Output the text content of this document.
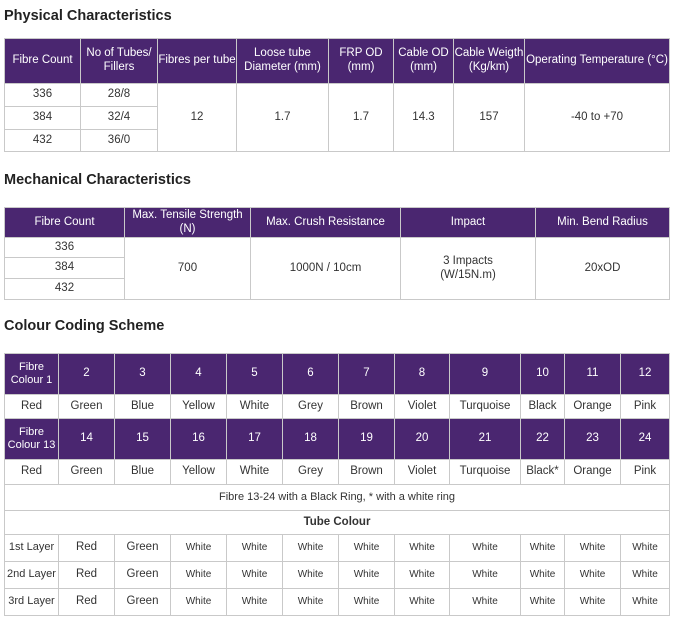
Physical Characteristics
Fibre Count	No of Tubes/ Fillers	Fibres per tube	Loose tube Diameter (mm)	FRP OD (mm)	Cable OD (mm)	Cable Weigth (Kg/km)	Operating Temperature (°C)
336	28/8	12	1.7	1.7	14.3	157	-40 to +70
384	32/4						
432	36/0						
Mechanical Characteristics
Fibre Count	Max. Tensile Strength (N)	Max. Crush Resistance	Impact	Min. Bend Radius
336	700	1000N / 10cm	3 Impacts (W/15N.m)	20xOD
384				
432				
Colour Coding Scheme
Fibre Colour 1	2	3	4	5	6	7	8	9	10	11	12	
Red	Green	Blue	Yellow	White	Grey	Brown	Violet	Turquoise	Black	Orange	Pink	
Fibre Colour 13	14	15	16	17	18	19	20	21	22	23	24	
Red	Green	Blue	Yellow	White	Grey	Brown	Violet	Turquoise	Black*	Orange	Pink	
Fibre 13-24 with a Black Ring, * with a white ring												
Tube Colour												
1st Layer	Red	Green	White	White	White	White	White	White	White	White	White	
2nd Layer	Red	Green	White	White	White	White	White	White	White	White	White	
3rd Layer	Red	Green	White	White	White	White	White	White	White	White	White	
